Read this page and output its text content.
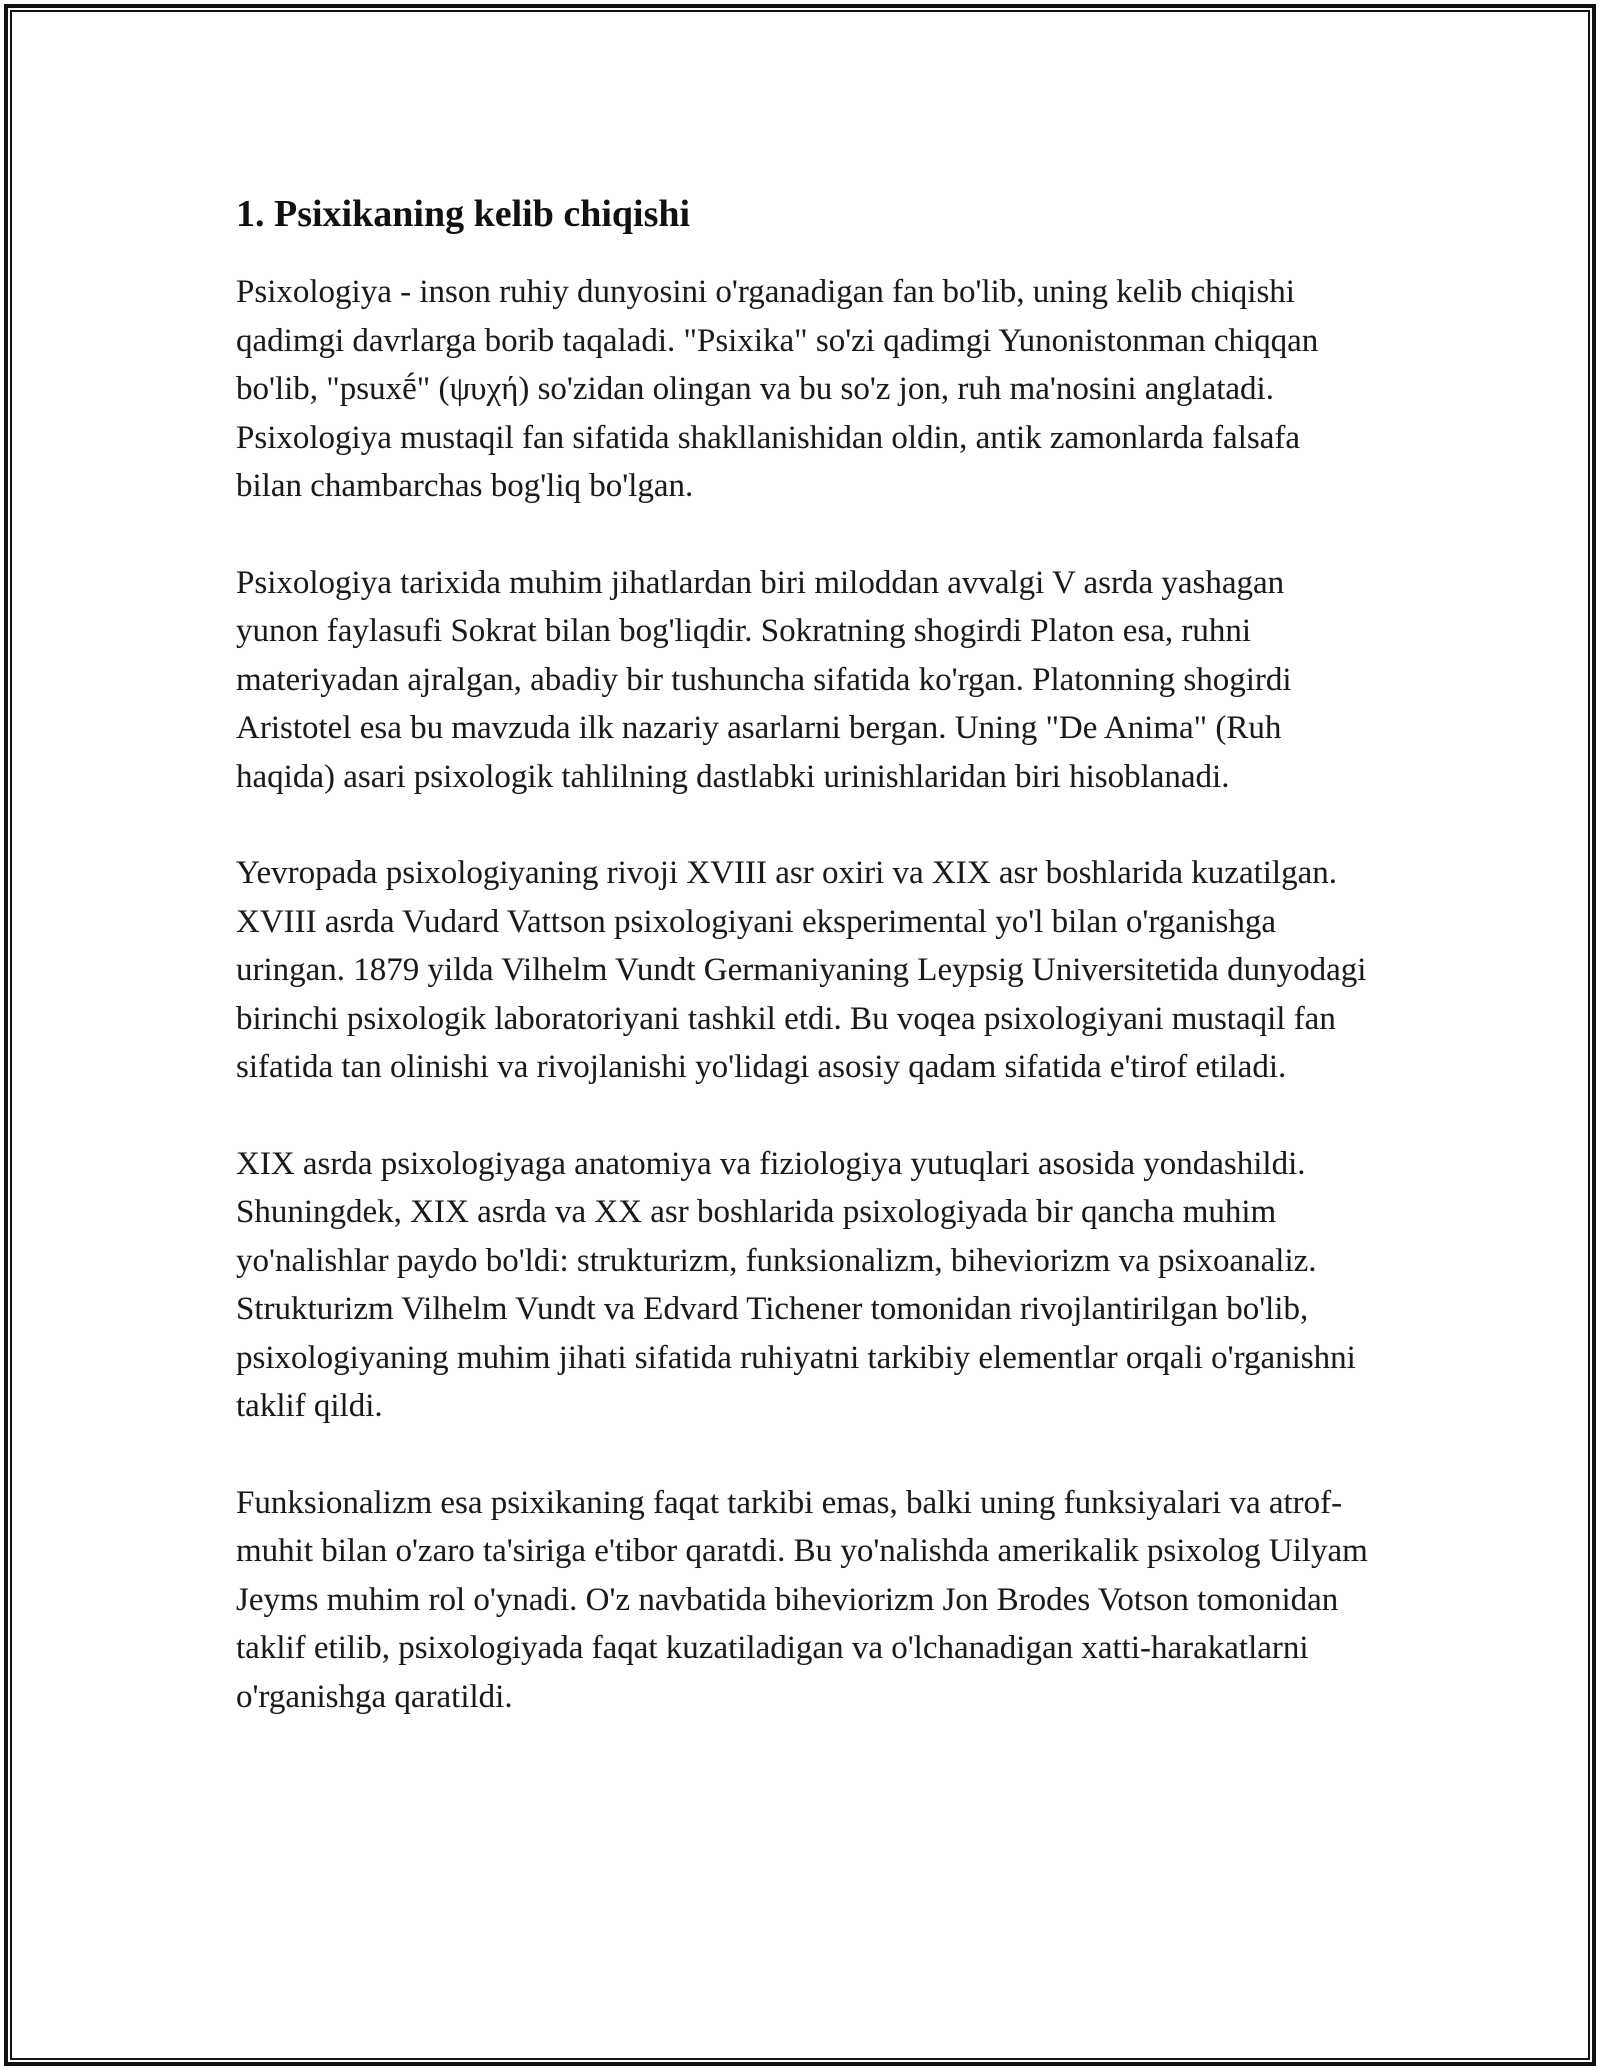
1. Psixikaning kelib chiqishi

Psixologiya - inson ruhiy dunyosini o'rganadigan fan bo'lib, uning kelib chiqishi qadimgi davrlarga borib taqaladi. "Psixika" so'zi qadimgi Yunonistonman chiqqan bo'lib, "psuxḗ" (ψυχή) so'zidan olingan va bu so'z jon, ruh ma'nosini anglatadi. Psixologiya mustaqil fan sifatida shakllanishidan oldin, antik zamonlarda falsafa bilan chambarchas bog'liq bo'lgan.

Psixologiya tarixida muhim jihatlardan biri miloddan avvalgi V asrda yashagan yunon faylasufi Sokrat bilan bog'liqdir. Sokratning shogirdi Platon esa, ruhni materiyadan ajralgan, abadiy bir tushuncha sifatida ko'rgan. Platonning shogirdi Aristotel esa bu mavzuda ilk nazariy asarlarni bergan. Uning "De Anima" (Ruh haqida) asari psixologik tahlilning dastlabki urinishlaridan biri hisoblanadi.

Yevropada psixologiyaning rivoji XVIII asr oxiri va XIX asr boshlarida kuzatilgan. XVIII asrda Vudard Vattson psixologiyani eksperimental yo'l bilan o'rganishga uringan. 1879 yilda Vilhelm Vundt Germaniyaning Leypsig Universitetida dunyodagi birinchi psixologik laboratoriyani tashkil etdi. Bu voqea psixologiyani mustaqil fan sifatida tan olinishi va rivojlanishi yo'lidagi asosiy qadam sifatida e'tirof etiladi.

XIX asrda psixologiyaga anatomiya va fiziologiya yutuqlari asosida yondashildi. Shuningdek, XIX asrda va XX asr boshlarida psixologiyada bir qancha muhim yo'nalishlar paydo bo'ldi: strukturizm, funksionalizm, biheviorizm va psixoanaliz. Strukturizm Vilhelm Vundt va Edvard Tichener tomonidan rivojlantirilgan bo'lib, psixologiyaning muhim jihati sifatida ruhiyatni tarkibiy elementlar orqali o'rganishni taklif qildi.

Funksionalizm esa psixikaning faqat tarkibi emas, balki uning funksiyalari va atrof-muhit bilan o'zaro ta'siriga e'tibor qaratdi. Bu yo'nalishda amerikalik psixolog Uilyam Jeyms muhim rol o'ynadi. O'z navbatida biheviorizm Jon Brodes Votson tomonidan taklif etilib, psixologiyada faqat kuzatiladigan va o'lchanadigan xatti-harakatlarni o'rganishga qaratildi.
